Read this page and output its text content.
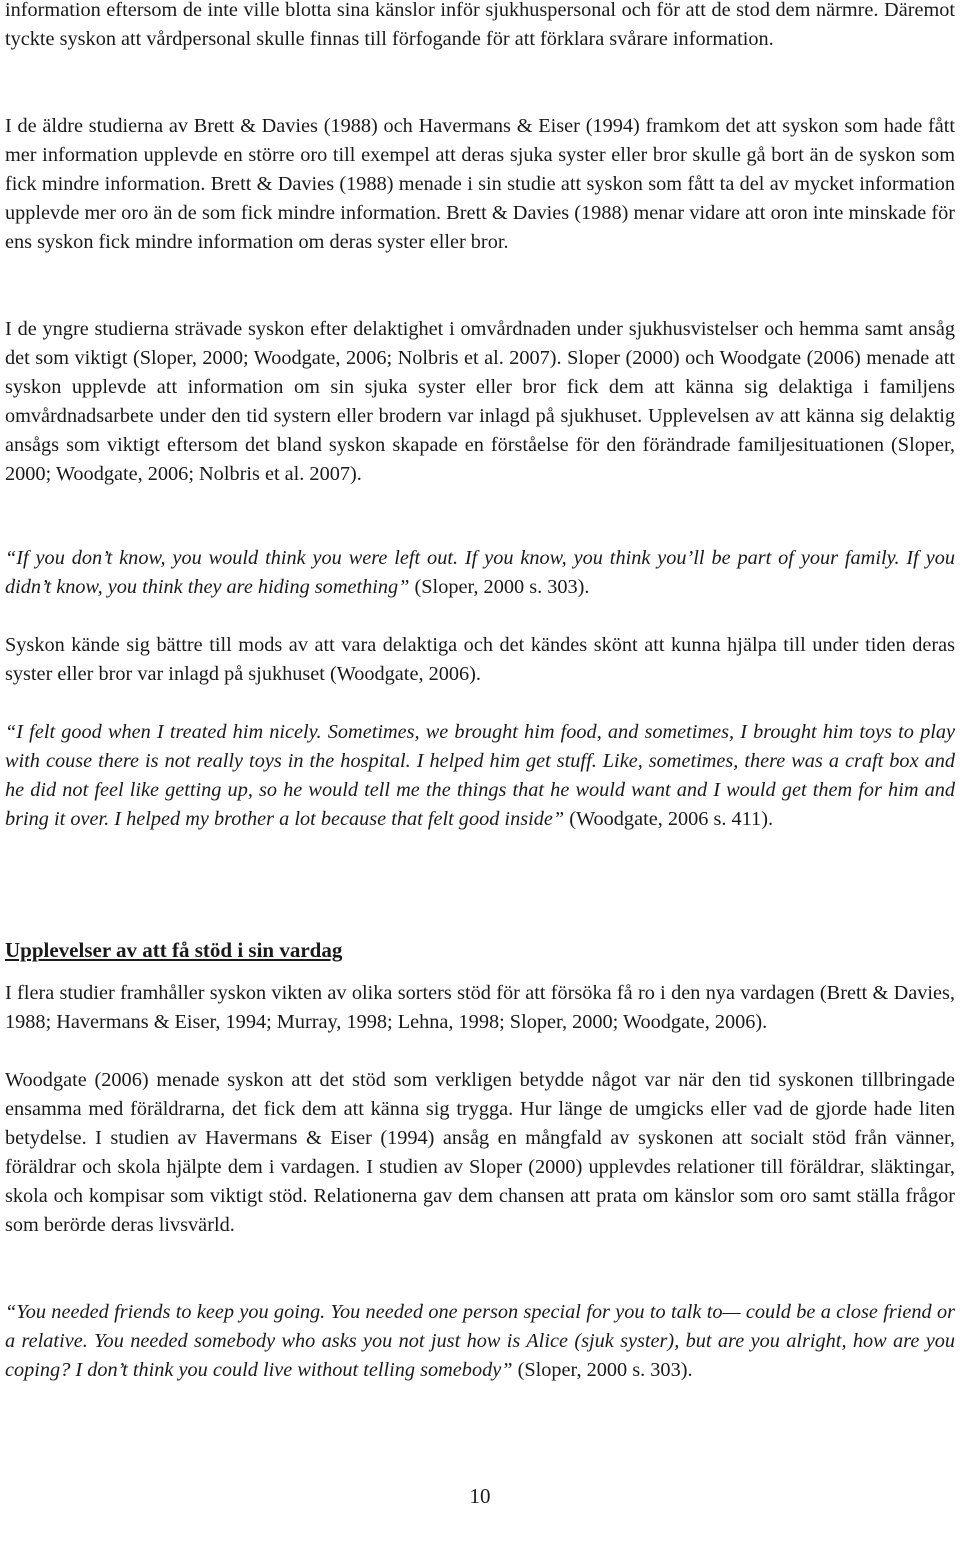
information eftersom de inte ville blotta sina känslor inför sjukhuspersonal och för att de stod dem närmre. Däremot tyckte syskon att vårdpersonal skulle finnas till förfogande för att förklara svårare information.

I de äldre studierna av Brett & Davies (1988) och Havermans & Eiser (1994) framkom det att syskon som hade fått mer information upplevde en större oro till exempel att deras sjuka syster eller bror skulle gå bort än de syskon som fick mindre information. Brett & Davies (1988) menade i sin studie att syskon som fått ta del av mycket information upplevde mer oro än de som fick mindre information. Brett & Davies (1988) menar vidare att oron inte minskade för ens syskon fick mindre information om deras syster eller bror.

I de yngre studierna strävade syskon efter delaktighet i omvårdnaden under sjukhusvistelser och hemma samt ansåg det som viktigt (Sloper, 2000; Woodgate, 2006; Nolbris et al. 2007). Sloper (2000) och Woodgate (2006) menade att syskon upplevde att information om sin sjuka syster eller bror fick dem att känna sig delaktiga i familjens omvårdnadsarbete under den tid systern eller brodern var inlagd på sjukhuset. Upplevelsen av att känna sig delaktig ansågs som viktigt eftersom det bland syskon skapade en förståelse för den förändrade familjesituationen (Sloper, 2000; Woodgate, 2006; Nolbris et al. 2007).

“If you don’t know, you would think you were left out. If you know, you think you’ll be part of your family. If you didn’t know, you think they are hiding something” (Sloper, 2000 s. 303).

Syskon kände sig bättre till mods av att vara delaktiga och det kändes skönt att kunna hjälpa till under tiden deras syster eller bror var inlagd på sjukhuset (Woodgate, 2006).

“I felt good when I treated him nicely. Sometimes, we brought him food, and sometimes, I brought him toys to play with couse there is not really toys in the hospital. I helped him get stuff. Like, sometimes, there was a craft box and he did not feel like getting up, so he would tell me the things that he would want and I would get them for him and bring it over. I helped my brother a lot because that felt good inside” (Woodgate, 2006 s. 411).

Upplevelser av att få stöd i sin vardag

I flera studier framhåller syskon vikten av olika sorters stöd för att försöka få ro i den nya vardagen (Brett & Davies, 1988; Havermans & Eiser, 1994; Murray, 1998; Lehna, 1998; Sloper, 2000; Woodgate, 2006).

Woodgate (2006) menade syskon att det stöd som verkligen betydde något var när den tid syskonen tillbringade ensamma med föräldrarna, det fick dem att känna sig trygga. Hur länge de umgicks eller vad de gjorde hade liten betydelse. I studien av Havermans & Eiser (1994) ansåg en mångfald av syskonen att socialt stöd från vänner, föräldrar och skola hjälpte dem i vardagen. I studien av Sloper (2000) upplevdes relationer till föräldrar, släktingar, skola och kompisar som viktigt stöd. Relationerna gav dem chansen att prata om känslor som oro samt ställa frågor som berörde deras livsvärld.

“You needed friends to keep you going. You needed one person special for you to talk to— could be a close friend or a relative. You needed somebody who asks you not just how is Alice (sjuk syster), but are you alright, how are you coping? I don’t think you could live without telling somebody” (Sloper, 2000 s. 303).

10
